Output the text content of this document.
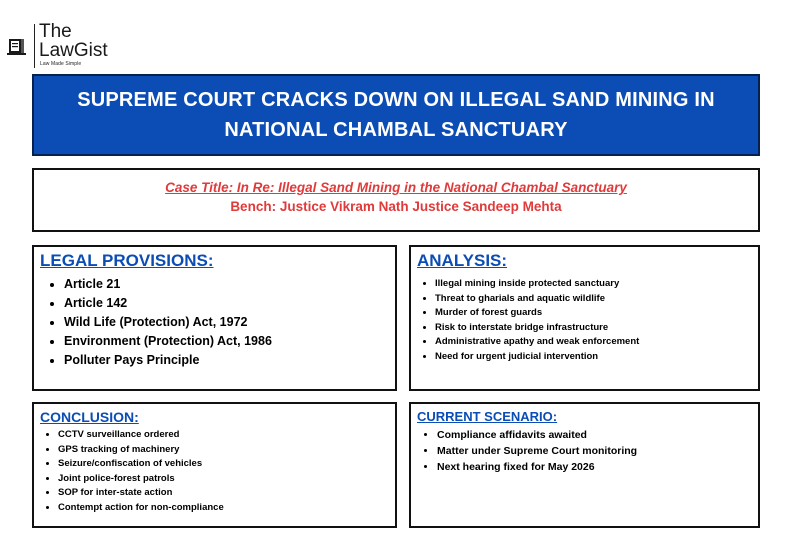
The
LawGist
Law Made Simple
SUPREME COURT CRACKS DOWN ON ILLEGAL SAND MINING IN
NATIONAL CHAMBAL SANCTUARY
Case Title: In Re: Illegal Sand Mining in the National Chambal Sanctuary
Bench: Justice Vikram Nath Justice Sandeep Mehta
LEGAL PROVISIONS:
• Article 21
• Article 142
• Wild Life (Protection) Act, 1972
• Environment (Protection) Act, 1986
• Polluter Pays Principle
ANALYSIS:
• Illegal mining inside protected sanctuary
• Threat to gharials and aquatic wildlife
• Murder of forest guards
• Risk to interstate bridge infrastructure
• Administrative apathy and weak enforcement
• Need for urgent judicial intervention
CONCLUSION:
• CCTV surveillance ordered
• GPS tracking of machinery
• Seizure/confiscation of vehicles
• Joint police-forest patrols
• SOP for inter-state action
• Contempt action for non-compliance
CURRENT SCENARIO:
• Compliance affidavits awaited
• Matter under Supreme Court monitoring
• Next hearing fixed for May 2026
